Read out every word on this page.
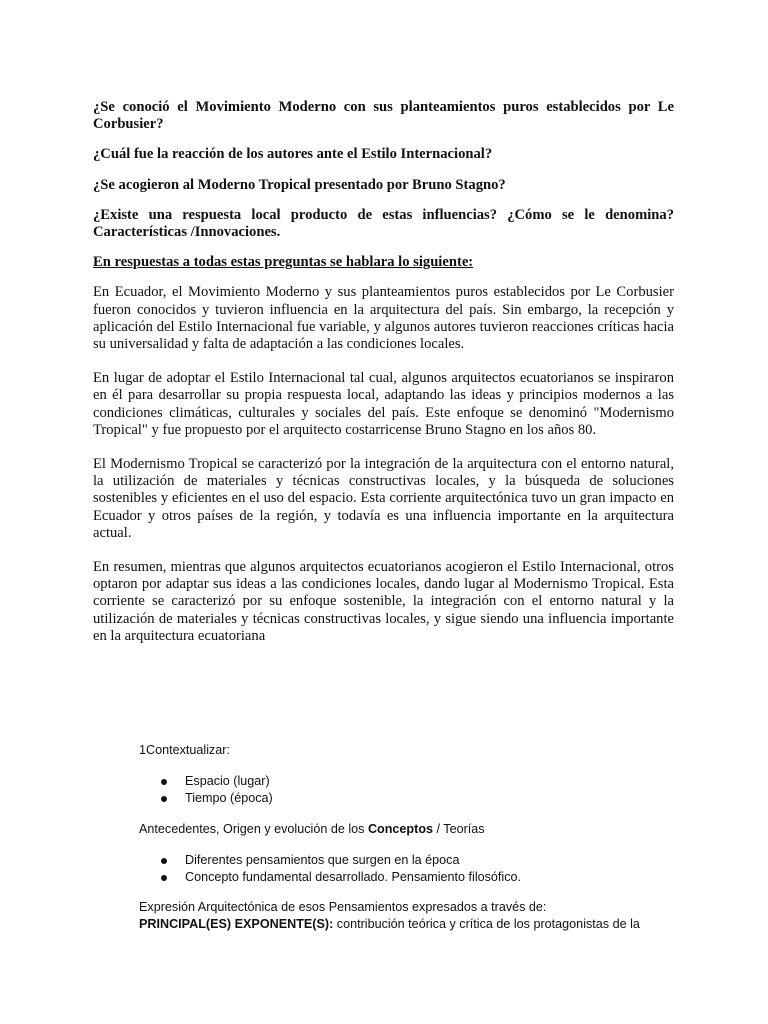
¿Se conoció el Movimiento Moderno con sus planteamientos puros establecidos por Le Corbusier?

¿Cuál fue la reacción de los autores ante el Estilo Internacional?

¿Se acogieron al Moderno Tropical presentado por Bruno Stagno?

¿Existe una respuesta local producto de estas influencias? ¿Cómo se le denomina? Características /Innovaciones.

En respuestas a todas estas preguntas se hablara lo siguiente:

En Ecuador, el Movimiento Moderno y sus planteamientos puros establecidos por Le Corbusier fueron conocidos y tuvieron influencia en la arquitectura del país. Sin embargo, la recepción y aplicación del Estilo Internacional fue variable, y algunos autores tuvieron reacciones críticas hacia su universalidad y falta de adaptación a las condiciones locales.

En lugar de adoptar el Estilo Internacional tal cual, algunos arquitectos ecuatorianos se inspiraron en él para desarrollar su propia respuesta local, adaptando las ideas y principios modernos a las condiciones climáticas, culturales y sociales del país. Este enfoque se denominó "Modernismo Tropical" y fue propuesto por el arquitecto costarricense Bruno Stagno en los años 80.

El Modernismo Tropical se caracterizó por la integración de la arquitectura con el entorno natural, la utilización de materiales y técnicas constructivas locales, y la búsqueda de soluciones sostenibles y eficientes en el uso del espacio. Esta corriente arquitectónica tuvo un gran impacto en Ecuador y otros países de la región, y todavía es una influencia importante en la arquitectura actual.

En resumen, mientras que algunos arquitectos ecuatorianos acogieron el Estilo Internacional, otros optaron por adaptar sus ideas a las condiciones locales, dando lugar al Modernismo Tropical. Esta corriente se caracterizó por su enfoque sostenible, la integración con el entorno natural y la utilización de materiales y técnicas constructivas locales, y sigue siendo una influencia importante en la arquitectura ecuatoriana

1Contextualizar:

Espacio (lugar)
Tiempo (época)

Antecedentes, Origen y evolución de los Conceptos / Teorías

Diferentes pensamientos que surgen en la época
Concepto fundamental desarrollado. Pensamiento filosófico.

Expresión Arquitectónica de esos Pensamientos expresados a través de:

PRINCIPAL(ES) EXPONENTE(S): contribución teórica y crítica de los protagonistas de la
